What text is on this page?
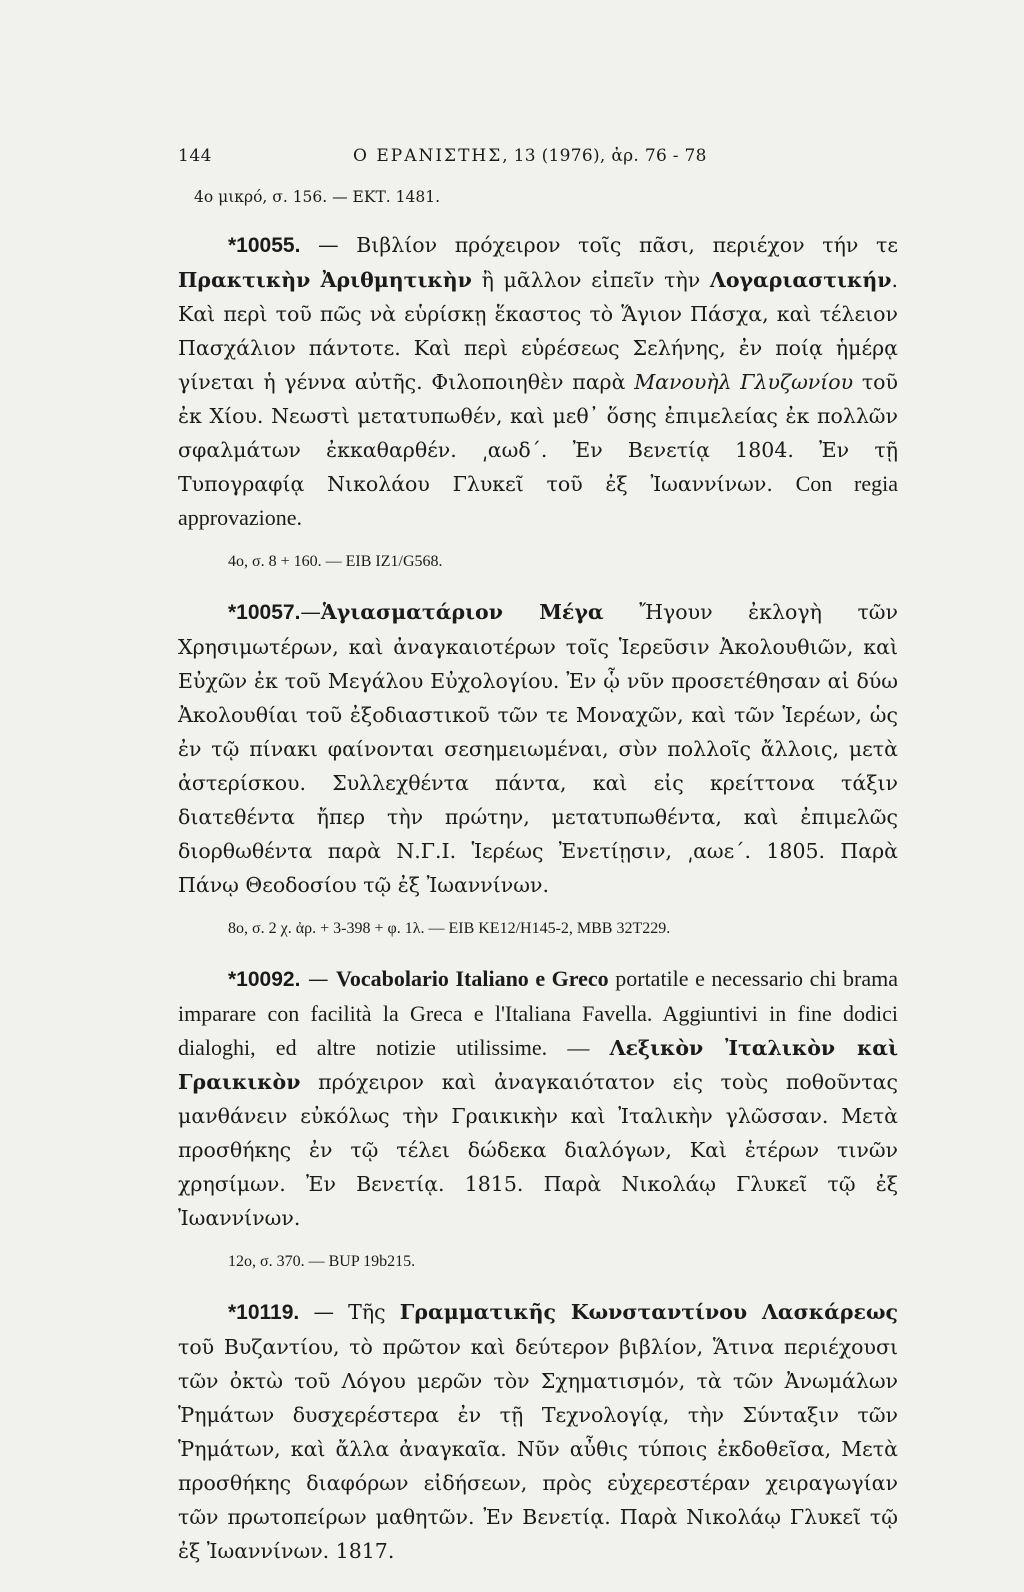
144	Ο ΕΡΑΝΙΣΤΗΣ, 13 (1976), ἀρ. 76 - 78
4ο μικρό, σ. 156. — ΕΚΤ. 1481.

*10055. — Βιβλίον πρόχειρον τοῖς πᾶσι, περιέχον τήν τε Πρακτικὴν Ἀριθμητικὴν ἢ μᾶλλον εἰπεῖν τὴν Λογαριαστικήν. Καὶ περὶ τοῦ πῶς νὰ εὑρίσκῃ ἕκαστος τὸ Ἅγιον Πάσχα, καὶ τέλειον Πασχάλιον πάντοτε. Καὶ περὶ εὑρέσεως Σελήνης, ἐν ποίᾳ ἡμέρᾳ γίνεται ἡ γέννα αὐτῆς. Φιλοποιηθὲν παρὰ Μανουὴλ Γλυζωνίου τοῦ ἐκ Χίου. Νεωστὶ μετατυπωθέν, καὶ μεθ᾿ ὅσης ἐπιμελείας ἐκ πολλῶν σφαλμάτων ἐκκαθαρθέν. ͵αωδ΄. Ἐν Βενετίᾳ 1804. Ἐν τῇ Τυπογραφίᾳ Νικολάου Γλυκεῖ τοῦ ἐξ Ἰωαννίνων. Con regia approvazione.

4ο, σ. 8 + 160. — ΕΙΒ ΙΖ1/G568.

*10057.—Ἁγιασματάριον Μέγα Ἤγουν ἐκλογὴ τῶν Χρησιμωτέρων, καὶ ἀναγκαιοτέρων τοῖς Ἱερεῦσιν Ἀκολουθιῶν, καὶ Εὐχῶν ἐκ τοῦ Μεγάλου Εὐχολογίου. Ἐν ᾧ νῦν προσετέθησαν αἱ δύω Ἀκολουθίαι τοῦ ἐξοδιαστικοῦ τῶν τε Μοναχῶν, καὶ τῶν Ἱερέων, ὡς ἐν τῷ πίνακι φαίνονται σεσημειωμέναι, σὺν πολλοῖς ἄλλοις, μετὰ ἀστερίσκου. Συλλεχθέντα πάντα, καὶ εἰς κρείττονα τάξιν διατεθέντα ἤπερ τὴν πρώτην, μετατυπωθέντα, καὶ ἐπιμελῶς διορθωθέντα παρὰ Ν.Γ.Ι. Ἱερέως Ἐνετίῃσιν, ͵αωε΄. 1805. Παρὰ Πάνῳ Θεοδοσίου τῷ ἐξ Ἰωαννίνων.

8ο, σ. 2 χ. ἀρ. + 3-398 + φ. 1λ. — ΕΙΒ ΚΕ12/Η145-2, ΜΒΒ 32Τ229.

*10092. — Vocabolario Italiano e Greco portatile e necessario chi brama imparare con facilità la Greca e l'Italiana Favella. Aggiuntivi in fine dodici dialoghi, ed altre notizie utilissime. — Λεξικὸν Ἰταλικὸν καὶ Γραικικὸν πρόχειρον καὶ ἀναγκαιότατον εἰς τοὺς ποθοῦντας μανθάνειν εὐκόλως τὴν Γραικικὴν καὶ Ἰταλικὴν γλῶσσαν. Μετὰ προσθήκης ἐν τῷ τέλει δώδεκα διαλόγων, Καὶ ἑτέρων τινῶν χρησίμων. Ἐν Βενετίᾳ. 1815. Παρὰ Νικολάῳ Γλυκεῖ τῷ ἐξ Ἰωαννίνων.

12ο, σ. 370. — BUP 19b215.

*10119. — Τῆς Γραμματικῆς Κωνσταντίνου Λασκάρεως τοῦ Βυζαντίου, τὸ πρῶτον καὶ δεύτερον βιβλίον, Ἅτινα περιέχουσι τῶν ὀκτὼ τοῦ Λόγου μερῶν τὸν Σχηματισμόν, τὰ τῶν Ἀνωμάλων Ῥημάτων δυσχερέστερα ἐν τῇ Τεχνολογίᾳ, τὴν Σύνταξιν τῶν Ῥημάτων, καὶ ἄλλα ἀναγκαῖα. Νῦν αὖθις τύποις ἐκδοθεῖσα, Μετὰ προσθήκης διαφόρων εἰδήσεων, πρὸς εὐχερεστέραν χειραγωγίαν τῶν πρωτοπείρων μαθητῶν. Ἐν Βενετίᾳ. Παρὰ Νικολάῳ Γλυκεῖ τῷ ἐξ Ἰωαννίνων. 1817.
